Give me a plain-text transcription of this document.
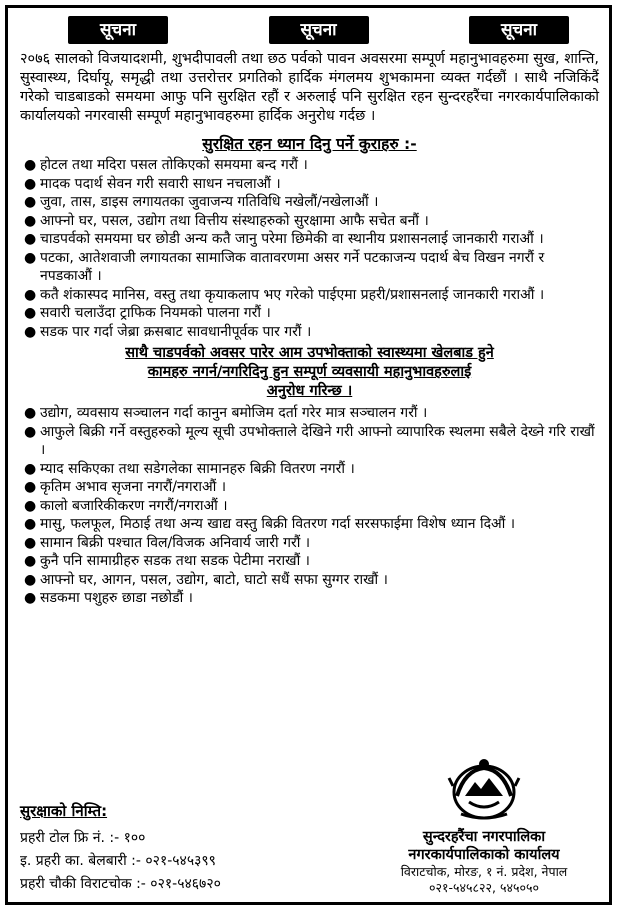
सूचना	सूचना	सूचना

२०७६ सालको विजयादशमी, शुभदीपावली तथा छठ पर्वको पावन अवसरमा सम्पूर्ण महानुभावहरुमा सुख, शान्ति, सुस्वास्थ्य, दिर्घायू, समृद्धी तथा उत्तरोत्तर प्रगतिको हार्दिक मंगलमय शुभकामना व्यक्त गर्दछौं । साथै नजिकिंदैं गरेको चाडबाडको समयमा आफु पनि सुरक्षित रहौं र अरुलाई पनि सुरक्षित रहन सुन्दरहरैंचा नगरकार्यपालिकाको कार्यालयको नगरवासी सम्पूर्ण महानुभावहरुमा हार्दिक अनुरोध गर्दछ ।

सुरक्षित रहन ध्यान दिनु पर्ने कुराहरु :-
● होटल तथा मदिरा पसल तोकिएको समयमा बन्द गरौं ।
● मादक पदार्थ सेवन गरी सवारी साधन नचलाऔं ।
● जुवा, तास, डाइस लगायतका जुवाजन्य गतिविधि नखेलौं/नखेलाऔं ।
● आफ्नो घर, पसल, उद्योग तथा वित्तीय संस्थाहरुको सुरक्षामा आफै सचेत बनौं ।
● चाडपर्वको समयमा घर छोडी अन्य कतै जानु परेमा छिमेकी वा स्थानीय प्रशासनलाई जानकारी गराऔं ।
● पटका, आतेशवाजी लगायतका सामाजिक वातावरणमा असर गर्ने पटकाजन्य पदार्थ बेच विखन नगरौं र नपडकाऔं ।
● कतै शंकास्पद मानिस, वस्तु तथा कृयाकलाप भए गरेको पाईएमा प्रहरी/प्रशासनलाई जानकारी गराऔं ।
● सवारी चलाउँदा ट्राफिक नियमको पालना गरौं ।
● सडक पार गर्दा जेब्रा क्रसबाट सावधानीपूर्वक पार गरौं ।
साथै चाडपर्वको अवसर पारेर आम उपभोक्ताको स्वास्थ्यमा खेलबाड हुने
कामहरु नगर्न/नगरिदिनु हुन सम्पूर्ण व्यवसायी महानुभावहरुलाई
अनुरोध गरिन्छ ।
● उद्योग, व्यवसाय सञ्चालन गर्दा कानुन बमोजिम दर्ता गरेर मात्र सञ्चालन गरौं ।
● आफुले बिक्री गर्ने वस्तुहरुको मूल्य सूची उपभोक्ताले देखिने गरी आफ्नो व्यापारिक स्थलमा सबैले देख्ने गरि राखौं ।
● म्याद सकिएका तथा सडेगलेका सामानहरु बिक्री वितरण नगरौं ।
● कृतिम अभाव सृजना नगरौं/नगराऔं ।
● कालो बजारिकीकरण नगरौं/नगराऔं ।
● मासु, फलफूल, मिठाई तथा अन्य खाद्य वस्तु बिक्री वितरण गर्दा सरसफाईमा विशेष ध्यान दिऔं ।
● सामान बिक्री पश्चात विल/विजक अनिवार्य जारी गरौं ।
● कुनै पनि सामाग्रीहरु सडक तथा सडक पेटीमा नराखौं ।
● आफ्नो घर, आगन, पसल, उद्योग, बाटो, घाटो सधैं सफा सुग्गर राखौं ।
● सडकमा पशुहरु छाडा नछोडौं ।
सुरक्षाको निम्ति:
प्रहरी टोल फ्रि नं. :- १००
इ. प्रहरी का. बेलबारी :- ०२१-५४५३९९
प्रहरी चौकी विराटचोक :- ०२१-५४६७२०
सुन्दरहरैंचा नगरपालिका
नगरकार्यपालिकाको कार्यालय
विराटचोक, मोरङ, १ नं. प्रदेश, नेपाल
०२१-५४५८२२, ५४५०५०
